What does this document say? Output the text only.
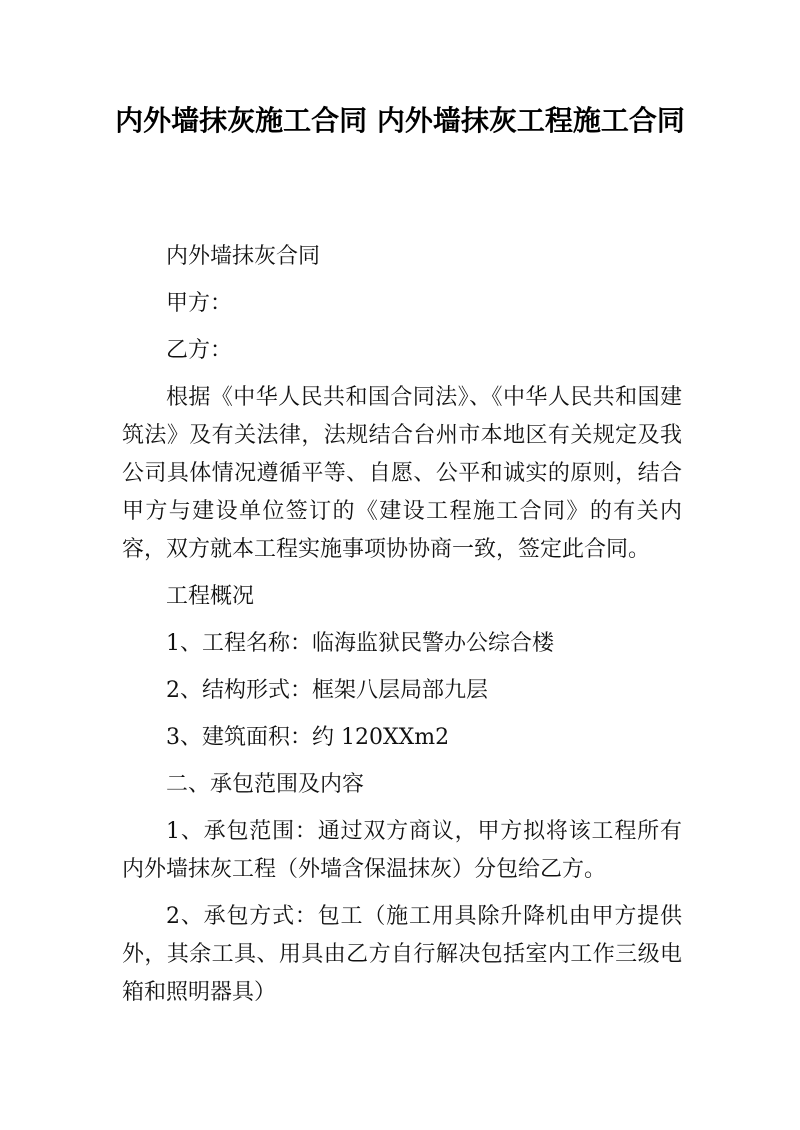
内外墙抹灰施工合同 内外墙抹灰工程施工合同

内外墙抹灰合同

甲方：

乙方：

根据《中华人民共和国合同法》、《中华人民共和国建筑法》及有关法律，法规结合台州市本地区有关规定及我公司具体情况遵循平等、自愿、公平和诚实的原则，结合甲方与建设单位签订的《建设工程施工合同》的有关内容，双方就本工程实施事项协协商一致，签定此合同。

工程概况

1、工程名称：临海监狱民警办公综合楼

2、结构形式：框架八层局部九层

3、建筑面积：约 120XXm2

二、承包范围及内容

1、承包范围：通过双方商议，甲方拟将该工程所有内外墙抹灰工程（外墙含保温抹灰）分包给乙方。

2、承包方式：包工（施工用具除升降机由甲方提供外，其余工具、用具由乙方自行解决包括室内工作三级电箱和照明器具）
